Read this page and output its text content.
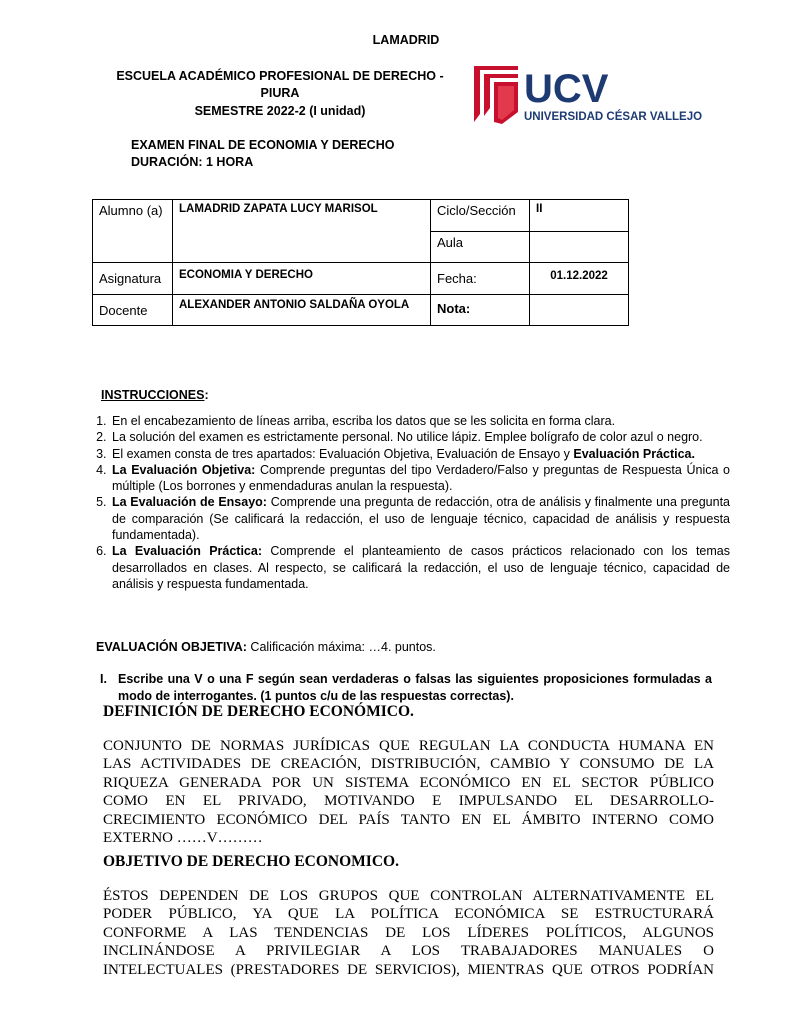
LAMADRID
ESCUELA ACADÉMICO PROFESIONAL DE DERECHO -
PIURA
SEMESTRE 2022-2 (I unidad)	UCV
UNIVERSIDAD CÉSAR VALLEJO
EXAMEN FINAL DE ECONOMIA Y DERECHO
DURACIÓN: 1 HORA
Alumno (a)	LAMADRID ZAPATA LUCY MARISOL	Ciclo/Sección	II
		Aula	
Asignatura	ECONOMIA Y DERECHO	Fecha:	01.12.2022
Docente	ALEXANDER ANTONIO SALDAÑA OYOLA	Nota:	
INSTRUCCIONES:
1. En el encabezamiento de líneas arriba, escriba los datos que se les solicita en forma clara.
2. La solución del examen es estrictamente personal. No utilice lápiz. Emplee bolígrafo de color azul o negro.
3. El examen consta de tres apartados: Evaluación Objetiva, Evaluación de Ensayo y Evaluación Práctica.
4. La Evaluación Objetiva: Comprende preguntas del tipo Verdadero/Falso y preguntas de Respuesta Única o múltiple (Los borrones y enmendaduras anulan la respuesta).
5. La Evaluación de Ensayo: Comprende una pregunta de redacción, otra de análisis y finalmente una pregunta de comparación (Se calificará la redacción, el uso de lenguaje técnico, capacidad de análisis y respuesta fundamentada).
6. La Evaluación Práctica: Comprende el planteamiento de casos prácticos relacionado con los temas desarrollados en clases. Al respecto, se calificará la redacción, el uso de lenguaje técnico, capacidad de análisis y respuesta fundamentada.
EVALUACIÓN OBJETIVA: Calificación máxima: …4. puntos.
I. Escribe una V o una F según sean verdaderas o falsas las siguientes proposiciones formuladas a modo de interrogantes. (1 puntos c/u de las respuestas correctas).
DEFINICIÓN DE DERECHO ECONÓMICO.
CONJUNTO DE NORMAS JURÍDICAS QUE REGULAN LA CONDUCTA HUMANA EN
LAS ACTIVIDADES DE CREACIÓN, DISTRIBUCIÓN, CAMBIO Y CONSUMO DE LA
RIQUEZA GENERADA POR UN SISTEMA ECONÓMICO EN EL SECTOR PÚBLICO
COMO EN EL PRIVADO, MOTIVANDO E IMPULSANDO EL DESARROLLO-
CRECIMIENTO ECONÓMICO DEL PAÍS TANTO EN EL ÁMBITO INTERNO COMO
EXTERNO ……V………
OBJETIVO DE DERECHO ECONOMICO.
ÉSTOS DEPENDEN DE LOS GRUPOS QUE CONTROLAN ALTERNATIVAMENTE EL
PODER PÚBLICO, YA QUE LA POLÍTICA ECONÓMICA SE ESTRUCTURARÁ
CONFORME A LAS TENDENCIAS DE LOS LÍDERES POLÍTICOS, ALGUNOS
INCLINÁNDOSE A PRIVILEGIAR A LOS TRABAJADORES MANUALES O
INTELECTUALES (PRESTADORES DE SERVICIOS), MIENTRAS QUE OTROS PODRÍAN
